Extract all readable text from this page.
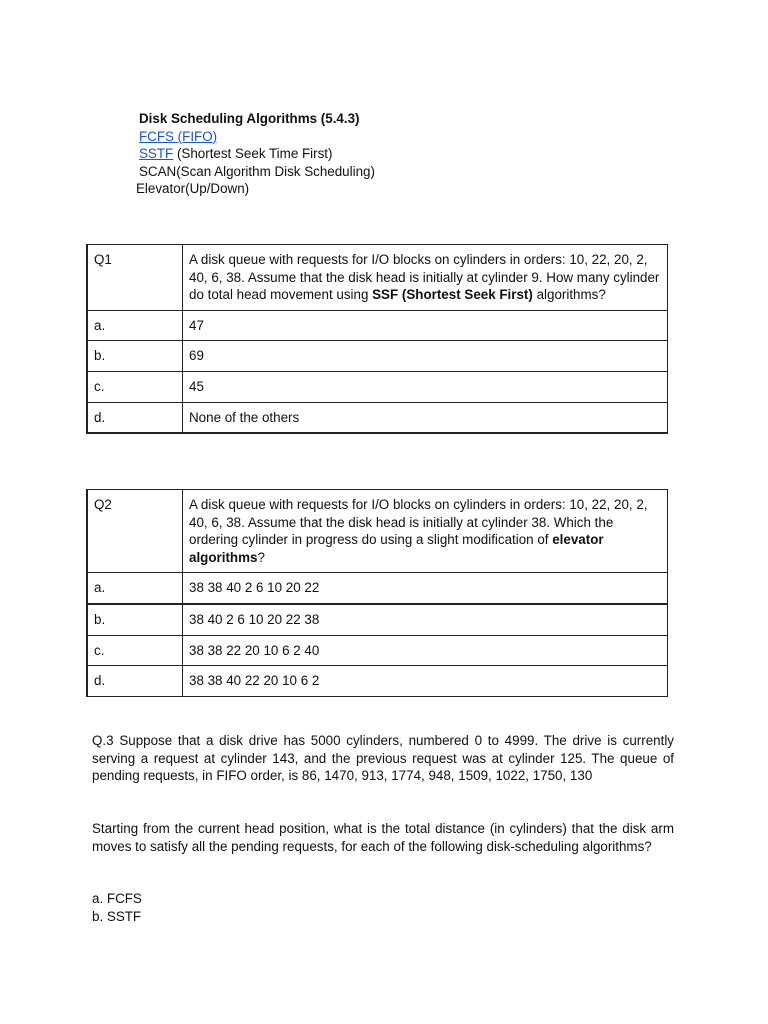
Disk Scheduling Algorithms (5.4.3)
FCFS (FIFO)
SSTF (Shortest Seek Time First)
SCAN(Scan Algorithm Disk Scheduling)
Elevator(Up/Down)
Q1	A disk queue with requests for I/O blocks on cylinders in orders: 10, 22, 20, 2, 40, 6, 38. Assume that the disk head is initially at cylinder 9. How many cylinder do total head movement using SSF (Shortest Seek First) algorithms?
a.	47
b.	69
c.	45
d.	None of the others
Q2	A disk queue with requests for I/O blocks on cylinders in orders: 10, 22, 20, 2, 40, 6, 38. Assume that the disk head is initially at cylinder 38. Which the ordering cylinder in progress do using a slight modification of elevator algorithms?
a.	38 38 40 2 6 10 20 22
b.	38 40 2 6 10 20 22 38
c.	38 38 22 20 10 6 2 40
d.	38 38 40 22 20 10 6 2
Q.3 Suppose that a disk drive has 5000 cylinders, numbered 0 to 4999. The drive is currently serving a request at cylinder 143, and the previous request was at cylinder 125. The queue of pending requests, in FIFO order, is 86, 1470, 913, 1774, 948, 1509, 1022, 1750, 130
Starting from the current head position, what is the total distance (in cylinders) that the disk arm moves to satisfy all the pending requests, for each of the following disk-scheduling algorithms?
a. FCFS
b. SSTF
